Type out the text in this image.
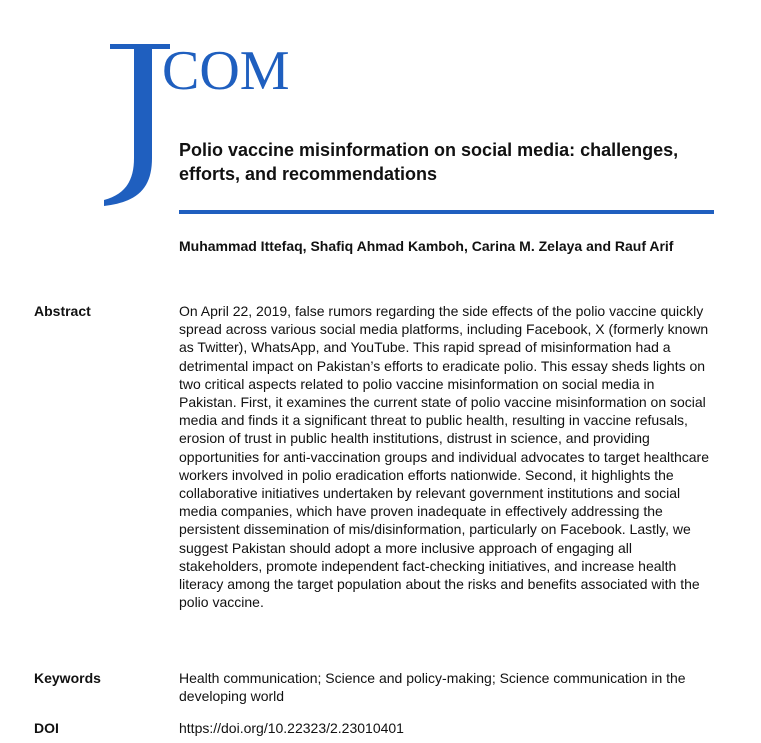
COM
Polio vaccine misinformation on social media: challenges, efforts, and recommendations
Muhammad Ittefaq, Shafiq Ahmad Kamboh, Carina M. Zelaya and Rauf Arif
Abstract	On April 22, 2019, false rumors regarding the side effects of the polio vaccine quickly spread across various social media platforms, including Facebook, X (formerly known as Twitter), WhatsApp, and YouTube. This rapid spread of misinformation had a detrimental impact on Pakistan’s efforts to eradicate polio. This essay sheds lights on two critical aspects related to polio vaccine misinformation on social media in Pakistan. First, it examines the current state of polio vaccine misinformation on social media and finds it a significant threat to public health, resulting in vaccine refusals, erosion of trust in public health institutions, distrust in science, and providing opportunities for anti-vaccination groups and individual advocates to target healthcare workers involved in polio eradication efforts nationwide. Second, it highlights the collaborative initiatives undertaken by relevant government institutions and social media companies, which have proven inadequate in effectively addressing the persistent dissemination of mis/disinformation, particularly on Facebook. Lastly, we suggest Pakistan should adopt a more inclusive approach of engaging all stakeholders, promote independent fact-checking initiatives, and increase health literacy among the target population about the risks and benefits associated with the polio vaccine.
Keywords	Health communication; Science and policy-making; Science communication in the developing world
DOI	https://doi.org/10.22323/2.23010401
